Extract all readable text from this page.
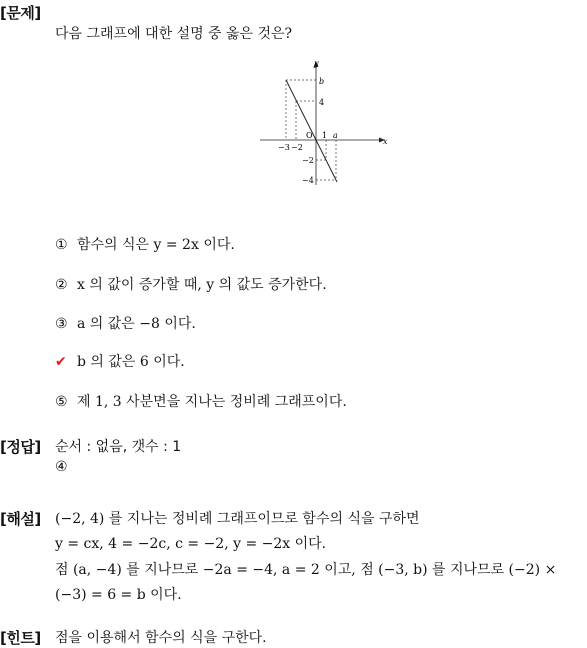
[문제]
다음 그래프에 대한 설명 중 옳은 것은?
x
y
b
4
O 1 a
−3 −2
−2
−4
① 함수의 식은 y = 2x 이다.
② x 의 값이 증가할 때, y 의 값도 증가한다.
③ a 의 값은 −8 이다.
✔ b 의 값은 6 이다.
⑤ 제 1, 3 사분면을 지나는 정비례 그래프이다.
[정답] 순서 : 없음, 갯수 : 1
④
[해설] (−2, 4) 를 지나는 정비례 그래프이므로 함수의 식을 구하면
y = cx, 4 = −2c, c = −2, y = −2x 이다.
점 (a, −4) 를 지나므로 −2a = −4, a = 2 이고, 점 (−3, b) 를 지나므로 (−2) ×
(−3) = 6 = b 이다.
[힌트] 점을 이용해서 함수의 식을 구한다.
